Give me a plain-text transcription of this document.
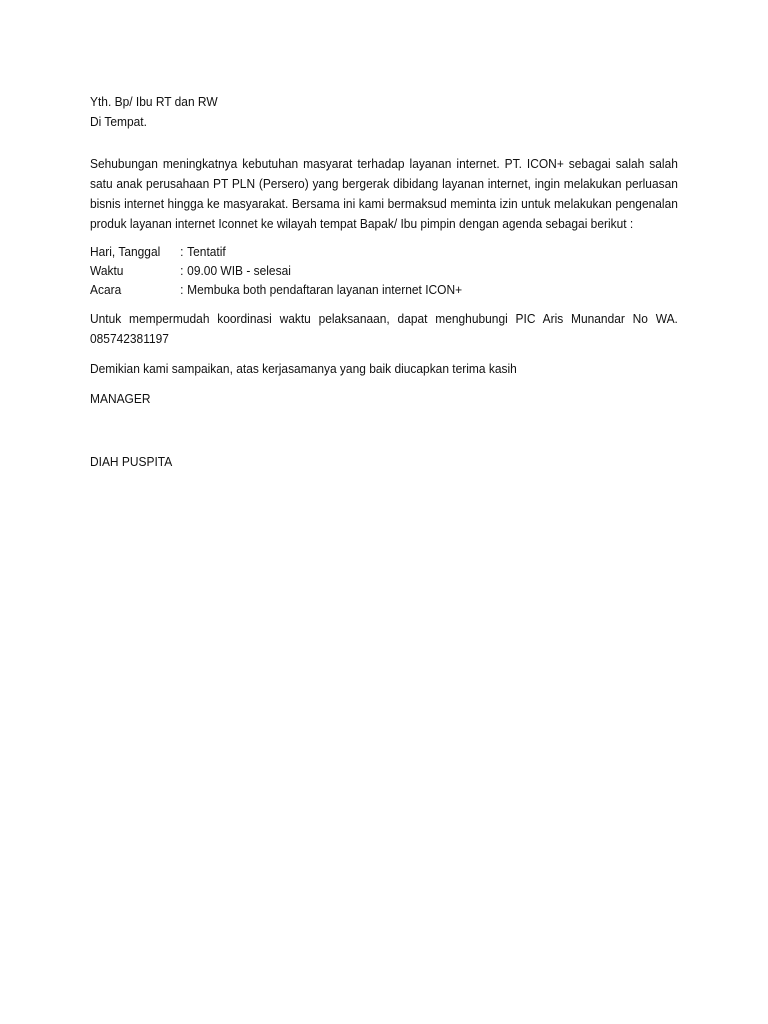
Yth. Bp/ Ibu RT dan RW
Di Tempat.

Sehubungan meningkatnya kebutuhan masyarat terhadap layanan internet. PT. ICON+ sebagai salah salah satu anak perusahaan PT PLN (Persero) yang bergerak dibidang layanan internet, ingin melakukan perluasan bisnis internet hingga ke masyarakat. Bersama ini kami bermaksud meminta izin untuk melakukan pengenalan produk layanan internet Iconnet ke wilayah tempat Bapak/ Ibu pimpin dengan agenda sebagai berikut :

Hari, Tanggal	: Tentatif
Waktu	: 09.00 WIB - selesai
Acara	: Membuka both pendaftaran layanan internet ICON+

Untuk mempermudah koordinasi waktu pelaksanaan, dapat menghubungi PIC Aris Munandar No WA. 085742381197

Demikian kami sampaikan, atas kerjasamanya yang baik diucapkan terima kasih

MANAGER
DIAH PUSPITA
